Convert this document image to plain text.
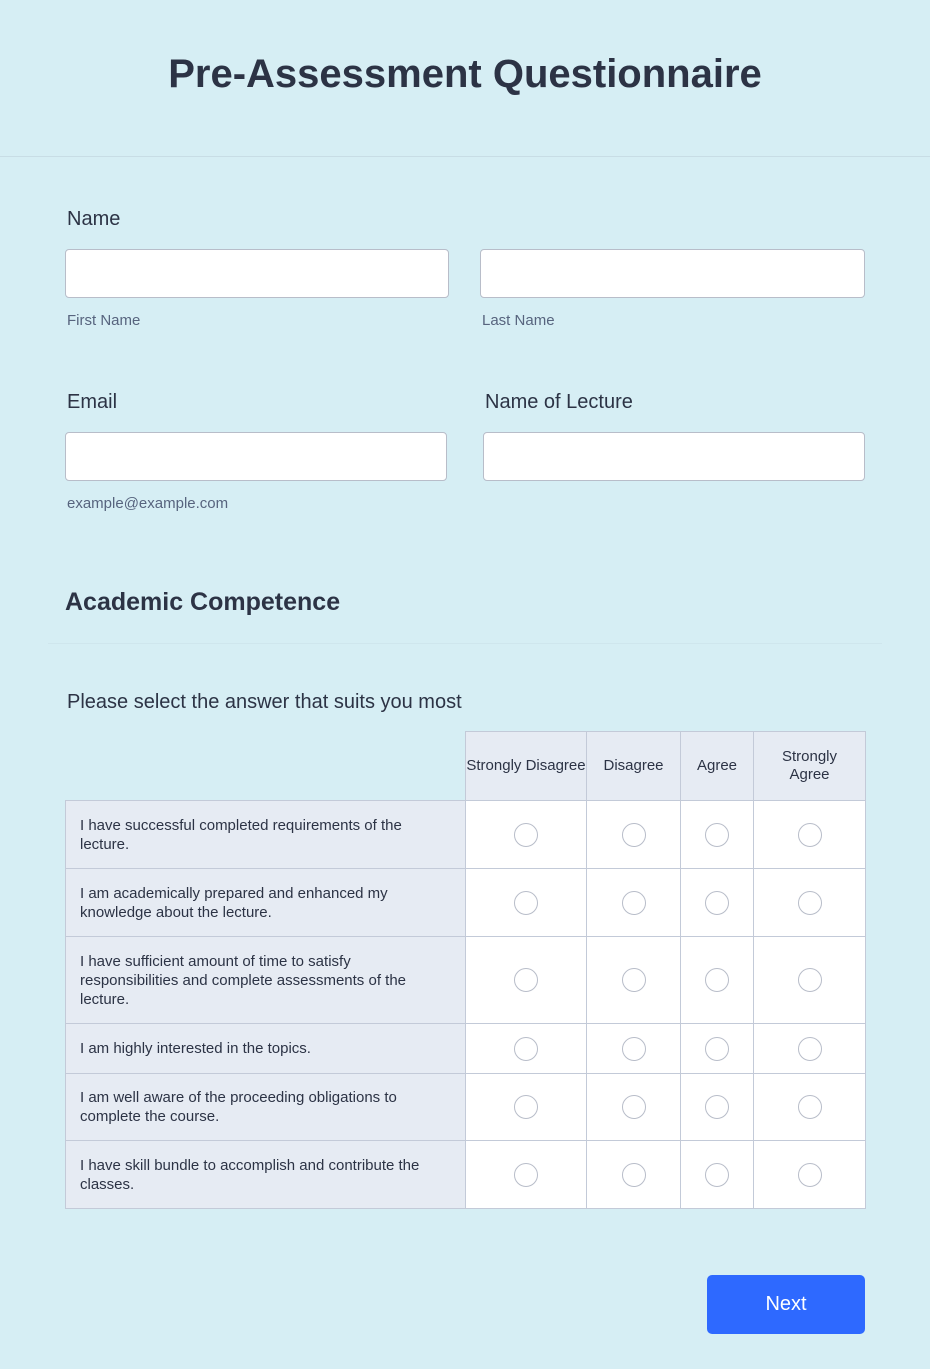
Pre-Assessment Questionnaire
Name
First Name	Last Name
Email
example@example.com
Name of Lecture
Academic Competence
Please select the answer that suits you most
	Strongly Disagree	Disagree	Agree	Strongly Agree
I have successful completed requirements of the lecture.				
I am academically prepared and enhanced my knowledge about the lecture.				
I have sufficient amount of time to satisfy responsibilities and complete assessments of the lecture.				
I am highly interested in the topics.				
I am well aware of the proceeding obligations to complete the course.				
I have skill bundle to accomplish and contribute the classes.				
Next
